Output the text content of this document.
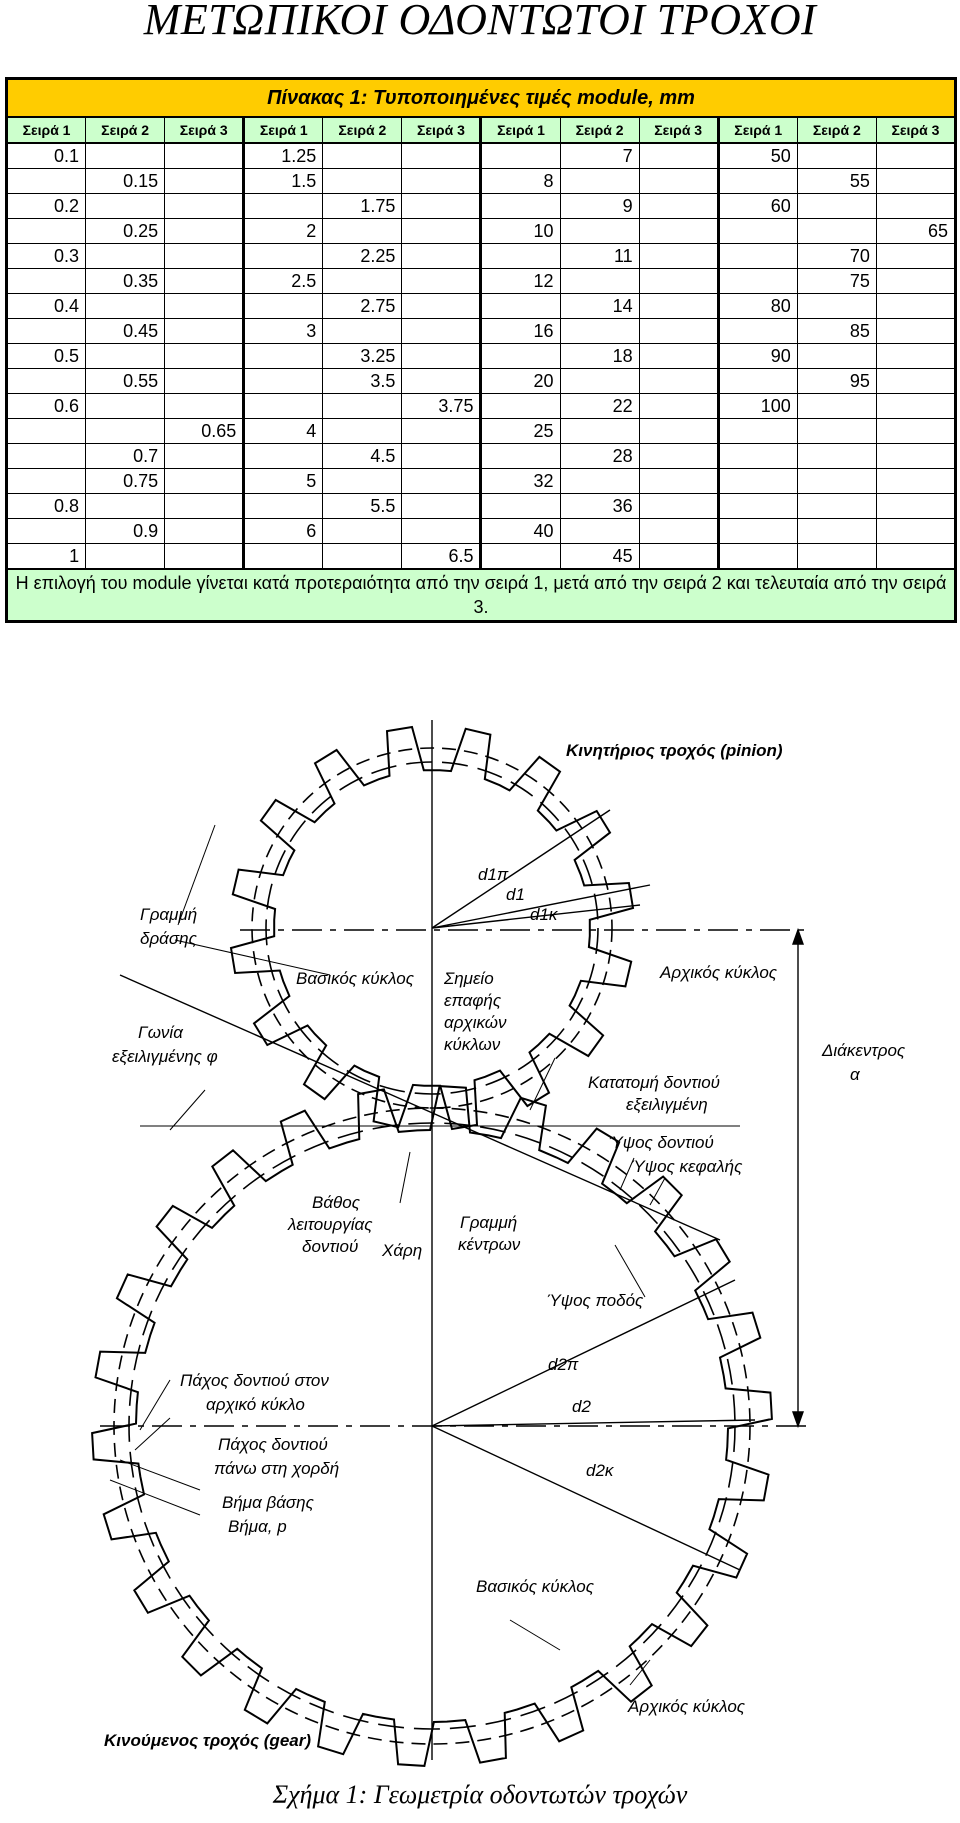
ΜΕΤΩΠΙΚΟΙ ΟΔΟΝΤΩΤΟΙ ΤΡΟΧΟΙ
Πίνακας 1: Τυποποιημένες τιμές module, mm											
Σειρά 1	Σειρά 2	Σειρά 3	Σειρά 1	Σειρά 2	Σειρά 3	Σειρά 1	Σειρά 2	Σειρά 3	Σειρά 1	Σειρά 2	Σειρά 3
0.1			1.25				7		50		
	0.15		1.5			8				55	
0.2				1.75			9		60		
	0.25		2			10					65
0.3				2.25			11			70	
	0.35		2.5			12				75	
0.4				2.75			14		80		
	0.45		3			16				85	
0.5				3.25			18		90		
	0.55			3.5		20				95	
0.6					3.75		22		100		
		0.65	4			25					
	0.7			4.5			28				
	0.75		5			32					
0.8				5.5			36				
	0.9		6			40					
1					6.5		45				
Η επιλογή του module γίνεται κατά προτεραιότητα από την σειρά 1, μετά από την σειρά 2 και τελευταία από την σειρά 3.											
Κινητήριος τροχός (pinion)
Γραμμή
δράσης
Βασικός κύκλος Σημείο
επαφής
αρχικών
κύκλων
Αρχικός κύκλος
Γωνία
εξειλιγμένης φ	Διάκεντρος
α
Κατατομή δοντιού
εξειλιγμένη
Ύψος δοντιού
Ύψος κεφαλής
Βάθος
λειτουργίας
δοντιού Χάρη
Γραμμή
κέντρων
Ύψος ποδός
d1π
d1
d1κ
d2π
d2
d2κ
Πάχος δοντιού στον
αρχικό κύκλο
Πάχος δοντιού
πάνω στη χορδή
Βήμα βάσης
Βήμα, p
Βασικός κύκλος
Αρχικός κύκλος
Κινούμενος τροχός (gear)
Σχήμα 1: Γεωμετρία οδοντωτών τροχών
